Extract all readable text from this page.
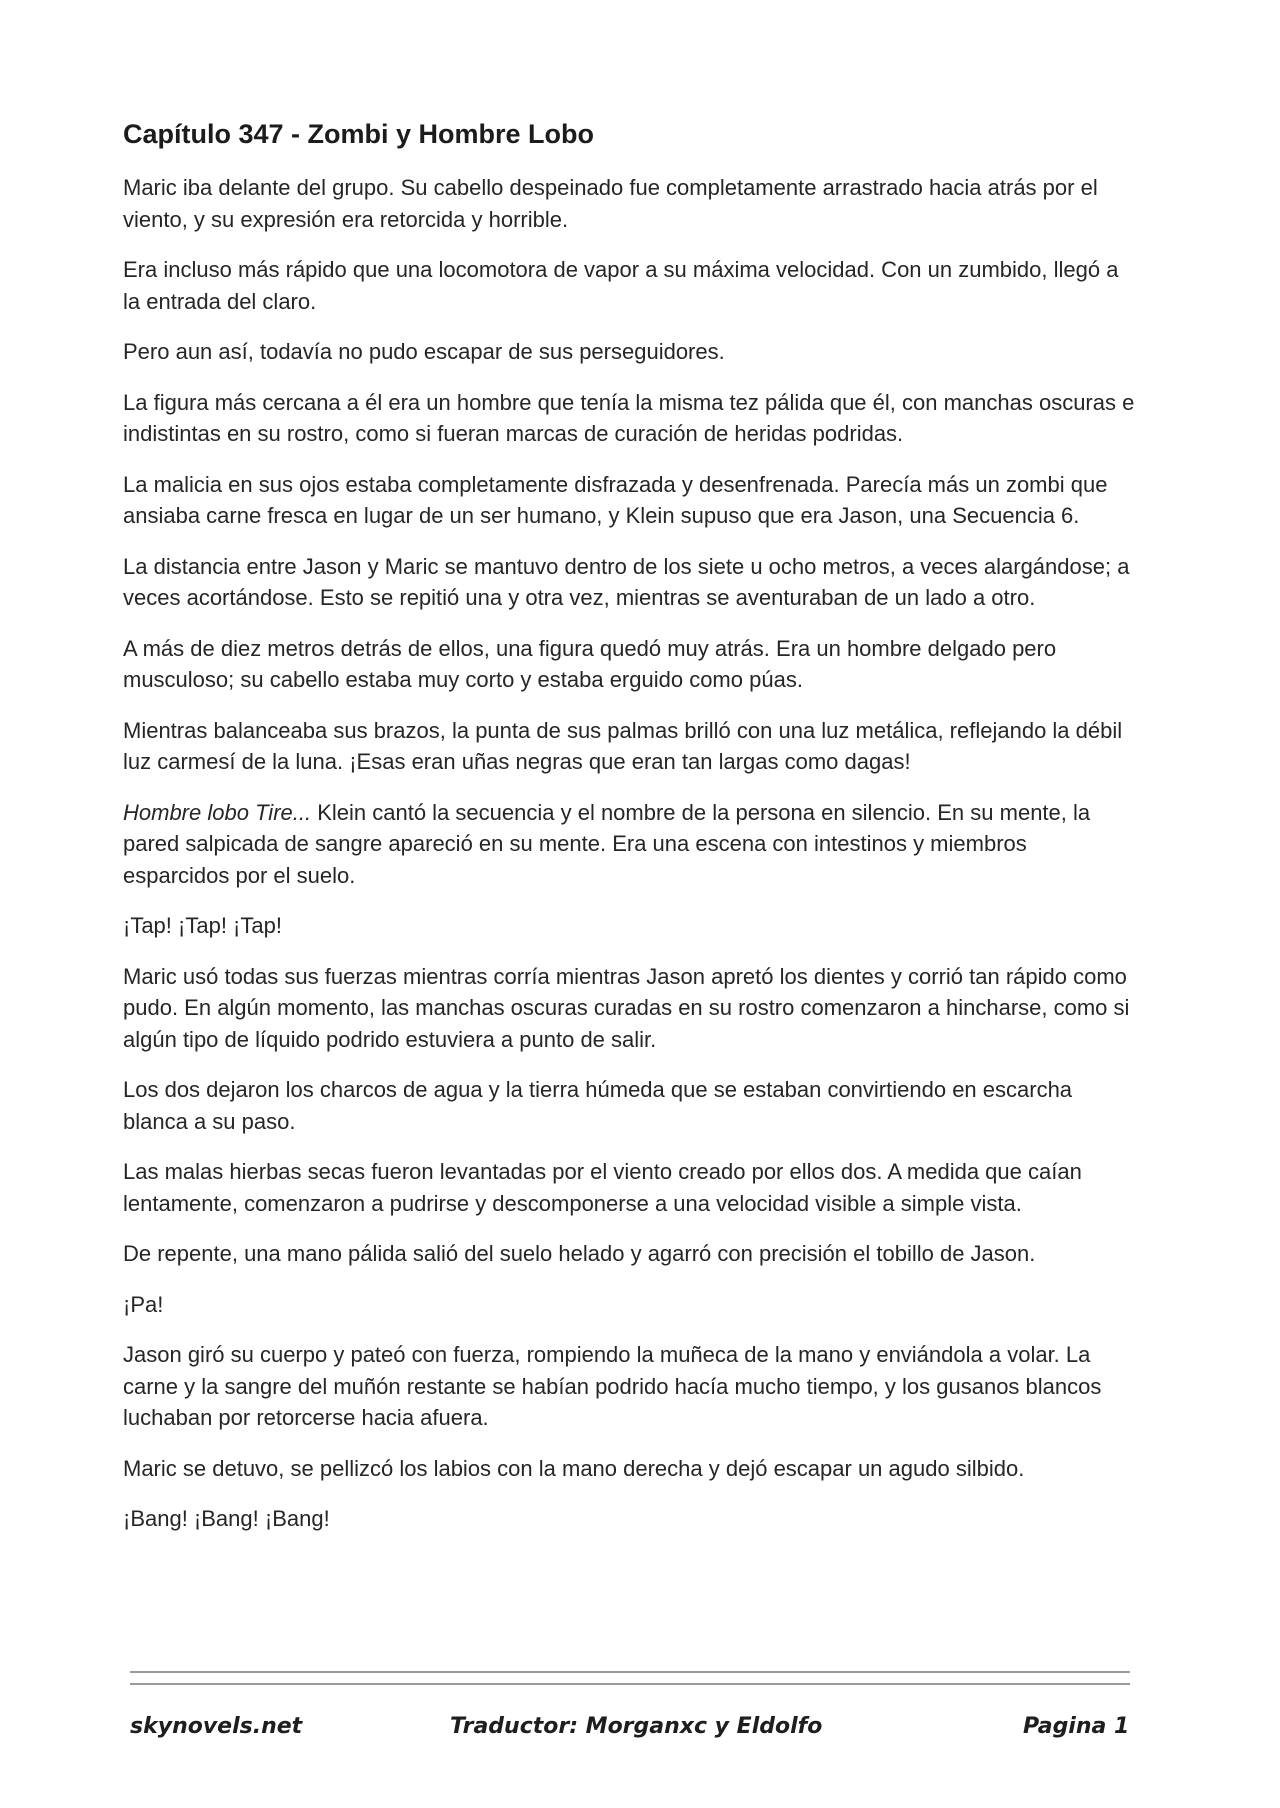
Capítulo 347 - Zombi y Hombre Lobo

Maric iba delante del grupo. Su cabello despeinado fue completamente arrastrado hacia atrás por el viento, y su expresión era retorcida y horrible.

Era incluso más rápido que una locomotora de vapor a su máxima velocidad. Con un zumbido, llegó a la entrada del claro.

Pero aun así, todavía no pudo escapar de sus perseguidores.

La figura más cercana a él era un hombre que tenía la misma tez pálida que él, con manchas oscuras e indistintas en su rostro, como si fueran marcas de curación de heridas podridas.

La malicia en sus ojos estaba completamente disfrazada y desenfrenada. Parecía más un zombi que ansiaba carne fresca en lugar de un ser humano, y Klein supuso que era Jason, una Secuencia 6.

La distancia entre Jason y Maric se mantuvo dentro de los siete u ocho metros, a veces alargándose; a veces acortándose. Esto se repitió una y otra vez, mientras se aventuraban de un lado a otro.

A más de diez metros detrás de ellos, una figura quedó muy atrás. Era un hombre delgado pero musculoso; su cabello estaba muy corto y estaba erguido como púas.

Mientras balanceaba sus brazos, la punta de sus palmas brilló con una luz metálica, reflejando la débil luz carmesí de la luna. ¡Esas eran uñas negras que eran tan largas como dagas!

Hombre lobo Tire... Klein cantó la secuencia y el nombre de la persona en silencio. En su mente, la pared salpicada de sangre apareció en su mente. Era una escena con intestinos y miembros esparcidos por el suelo.

¡Tap! ¡Tap! ¡Tap!

Maric usó todas sus fuerzas mientras corría mientras Jason apretó los dientes y corrió tan rápido como pudo. En algún momento, las manchas oscuras curadas en su rostro comenzaron a hincharse, como si algún tipo de líquido podrido estuviera a punto de salir.

Los dos dejaron los charcos de agua y la tierra húmeda que se estaban convirtiendo en escarcha blanca a su paso.

Las malas hierbas secas fueron levantadas por el viento creado por ellos dos. A medida que caían lentamente, comenzaron a pudrirse y descomponerse a una velocidad visible a simple vista.

De repente, una mano pálida salió del suelo helado y agarró con precisión el tobillo de Jason.

¡Pa!

Jason giró su cuerpo y pateó con fuerza, rompiendo la muñeca de la mano y enviándola a volar. La carne y la sangre del muñón restante se habían podrido hacía mucho tiempo, y los gusanos blancos luchaban por retorcerse hacia afuera.

Maric se detuvo, se pellizcó los labios con la mano derecha y dejó escapar un agudo silbido.

¡Bang! ¡Bang! ¡Bang!

skynovels.net	Traductor: Morganxc y Eldolfo	Pagina 1
